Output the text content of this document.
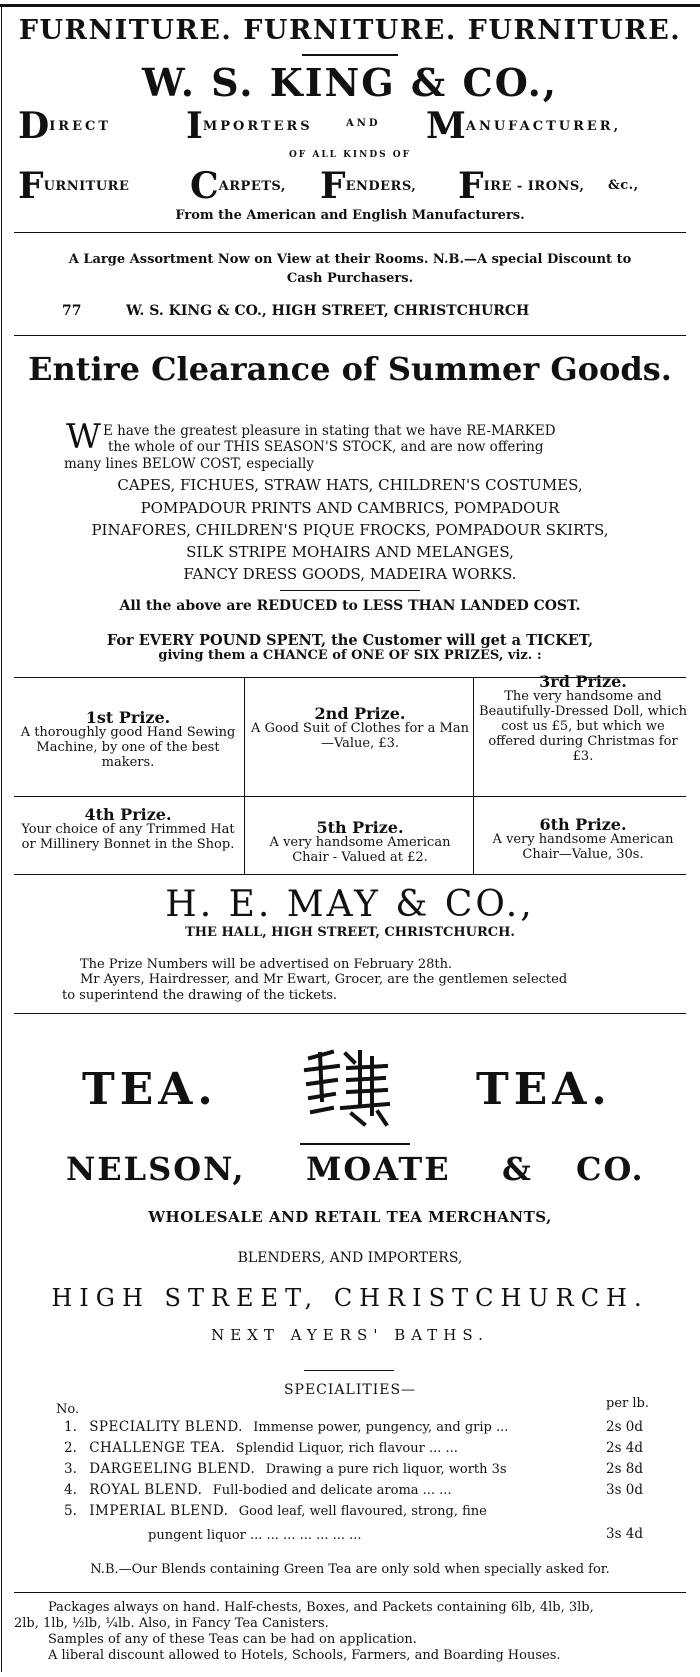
FURNITURE. FURNITURE. FURNITURE.
W. S. KING & CO.,
DIRECT IMPORTERS	AND MANUFACTURER,
OF ALL KINDS OF
FURNITURE CARPETS, FENDERS, FIRE - IRONS, &c.,
From the American and English Manufacturers.
A Large Assortment Now on View at their Rooms. N.B.—A special Discount to
Cash Purchasers.
77	W. S. KING & CO., HIGH STREET, CHRISTCHURCH
Entire Clearance of Summer Goods.
W E have the greatest pleasure in stating that we have RE-MARKED
the whole of our THIS SEASON'S STOCK, and are now offering
many lines BELOW COST, especially
CAPES, FICHUES, STRAW HATS, CHILDREN'S COSTUMES,
POMPADOUR PRINTS AND CAMBRICS, POMPADOUR
PINAFORES, CHILDREN'S PIQUE FROCKS, POMPADOUR SKIRTS,
SILK STRIPE MOHAIRS AND MELANGES,
FANCY DRESS GOODS, MADEIRA WORKS.
All the above are REDUCED to LESS THAN LANDED COST.
For EVERY POUND SPENT, the Customer will get a TICKET,
giving them a CHANCE of ONE OF SIX PRIZES, viz. :
1st Prize.
A thoroughly good Hand Sewing Machine, by one of the best makers.
2nd Prize.
A Good Suit of Clothes for a Man—Value, £3.
3rd Prize.
The very handsome and Beautifully-Dressed Doll, which cost us £5, but which we offered during Christmas for £3.
4th Prize.
Your choice of any Trimmed Hat or Millinery Bonnet in the Shop.
5th Prize.
A very handsome American Chair - Valued at £2.
6th Prize.
A very handsome American Chair—Value, 30s.
H. E. MAY & CO.,
THE HALL, HIGH STREET, CHRISTCHURCH.
The Prize Numbers will be advertised on February 28th.
Mr Ayers, Hairdresser, and Mr Ewart, Grocer, are the gentlemen selected
to superintend the drawing of the tickets.
TEA.	TEA.
NELSON, MOATE & CO.
WHOLESALE AND RETAIL TEA MERCHANTS,
BLENDERS, AND IMPORTERS,
HIGH STREET, CHRISTCHURCH.
NEXT AYERS' BATHS.
SPECIALITIES—
No.	per lb.
1. SPECIALITY BLEND. Immense power, pungency, and grip ...	2s 0d
2. CHALLENGE TEA. Splendid Liquor, rich flavour ... ...	2s 4d
3. DARGEELING BLEND. Drawing a pure rich liquor, worth 3s	2s 8d
4. ROYAL BLEND. Full-bodied and delicate aroma ... ...	3s 0d
5. IMPERIAL BLEND. Good leaf, well flavoured, strong, fine
pungent liquor ... ... ... ... ... ... ...	3s 4d
N.B.—Our Blends containing Green Tea are only sold when specially asked for.
Packages always on hand. Half-chests, Boxes, and Packets containing 6lb, 4lb, 3lb,
2lb, 1lb, ½lb, ¼lb. Also, in Fancy Tea Canisters.
Samples of any of these Teas can be had on application.
A liberal discount allowed to Hotels, Schools, Farmers, and Boarding Houses.
